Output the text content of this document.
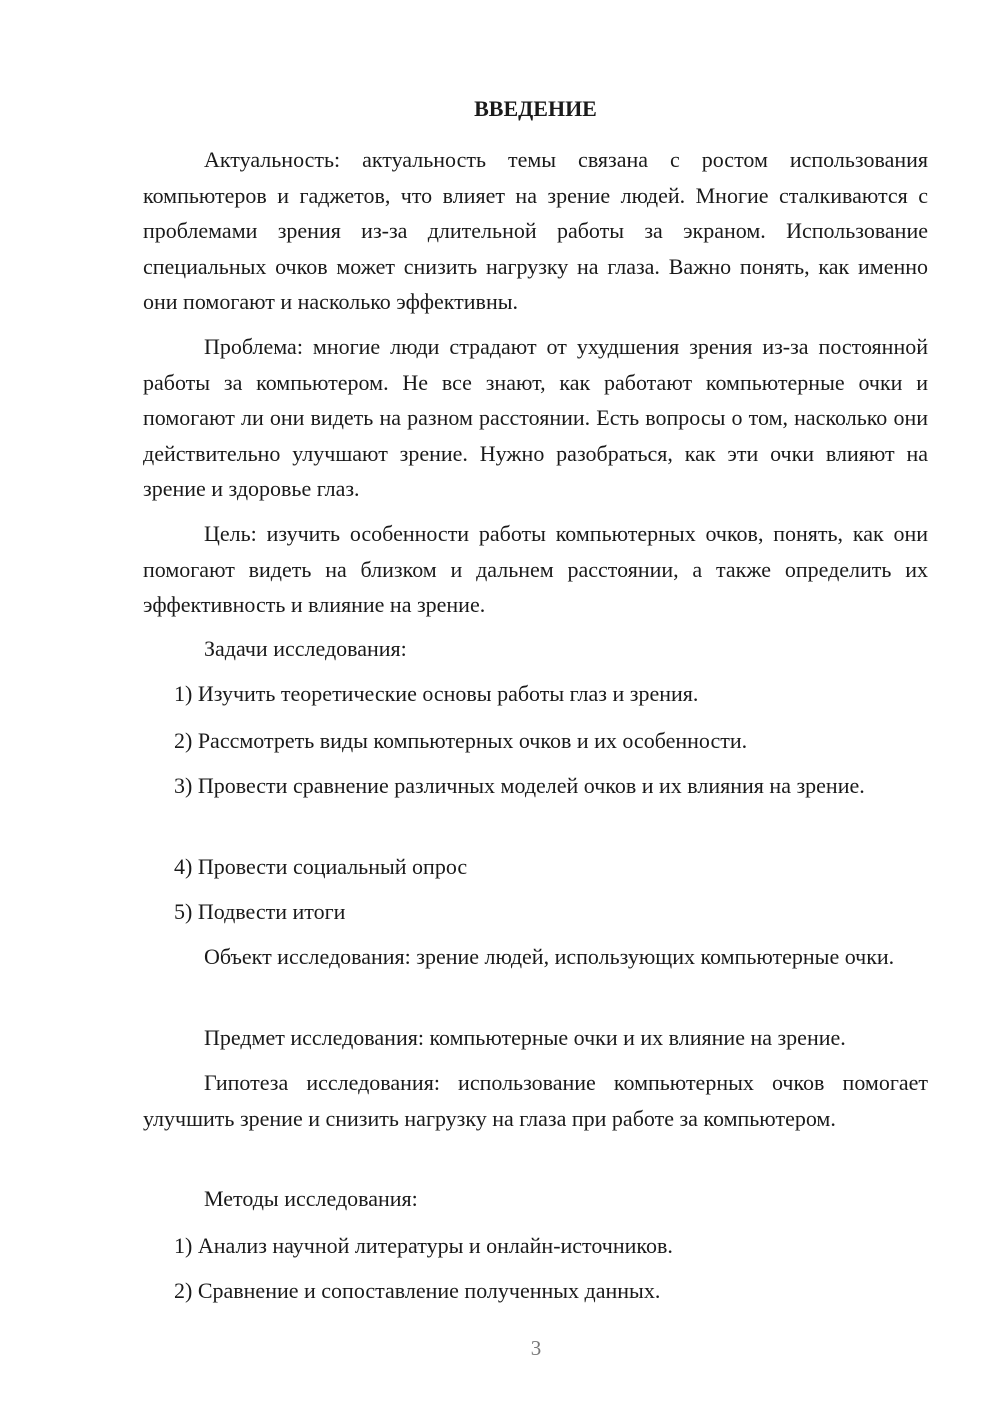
ВВЕДЕНИЕ

Актуальность: актуальность темы связана с ростом использования компьютеров и гаджетов, что влияет на зрение людей. Многие сталкиваются с проблемами зрения из-за длительной работы за экраном. Использование специальных очков может снизить нагрузку на глаза. Важно понять, как именно они помогают и насколько эффективны.

Проблема: многие люди страдают от ухудшения зрения из-за постоянной работы за компьютером. Не все знают, как работают компьютерные очки и помогают ли они видеть на разном расстоянии. Есть вопросы о том, насколько они действительно улучшают зрение. Нужно разобраться, как эти очки влияют на зрение и здоровье глаз.

Цель: изучить особенности работы компьютерных очков, понять, как они помогают видеть на близком и дальнем расстоянии, а также определить их эффективность и влияние на зрение.

Задачи исследования:

1) Изучить теоретические основы работы глаз и зрения.

2) Рассмотреть виды компьютерных очков и их особенности.

3) Провести сравнение различных моделей очков и их влияния на зрение.

4) Провести социальный опрос

5) Подвести итоги

Объект исследования: зрение людей, использующих компьютерные очки.

Предмет исследования: компьютерные очки и их влияние на зрение.

Гипотеза исследования: использование компьютерных очков помогает улучшить зрение и снизить нагрузку на глаза при работе за компьютером.

Методы исследования:

1) Анализ научной литературы и онлайн-источников.

2) Сравнение и сопоставление полученных данных.

3
